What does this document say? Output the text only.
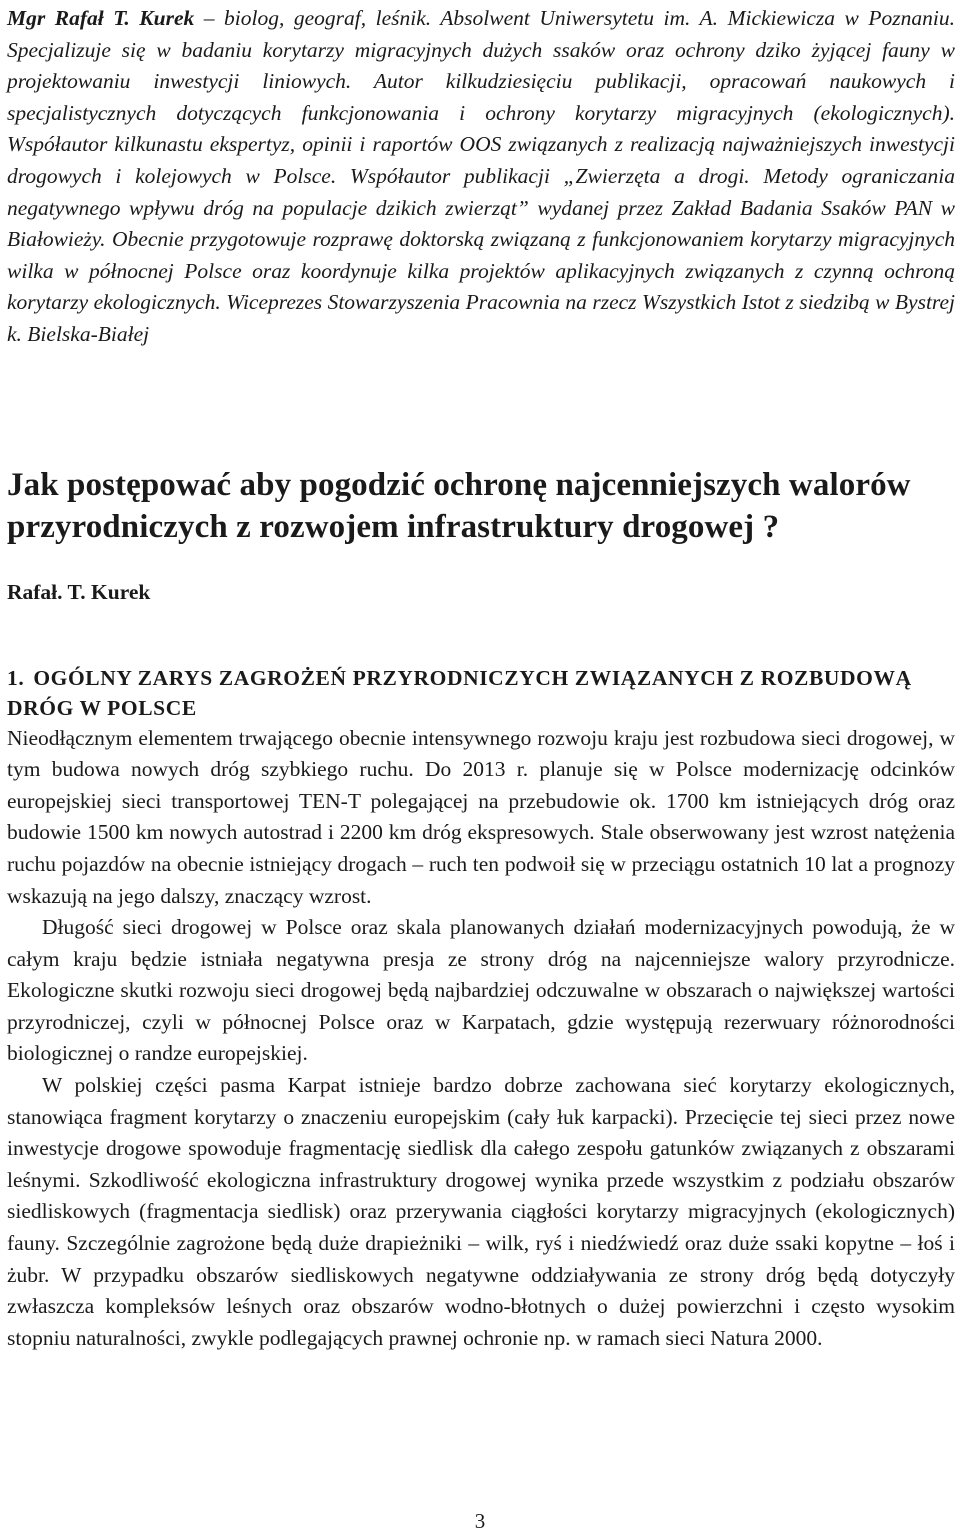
Mgr Rafał T. Kurek – biolog, geograf, leśnik. Absolwent Uniwersytetu im. A. Mickiewicza w Poznaniu. Specjalizuje się w badaniu korytarzy migracyjnych dużych ssaków oraz ochrony dziko żyjącej fauny w projektowaniu inwestycji liniowych. Autor kilkudziesięciu publikacji, opracowań naukowych i specjalistycznych dotyczących funkcjonowania i ochrony korytarzy migracyjnych (ekologicznych). Współautor kilkunastu ekspertyz, opinii i raportów OOS związanych z realizacją najważniejszych inwestycji drogowych i kolejowych w Polsce. Współautor publikacji „Zwierzęta a drogi. Metody ograniczania negatywnego wpływu dróg na populacje dzikich zwierząt” wydanej przez Zakład Badania Ssaków PAN w Białowieży. Obecnie przygotowuje rozprawę doktorską związaną z funkcjonowaniem korytarzy migracyjnych wilka w północnej Polsce oraz koordynuje kilka projektów aplikacyjnych związanych z czynną ochroną korytarzy ekologicznych. Wiceprezes Stowarzyszenia Pracownia na rzecz Wszystkich Istot z siedzibą w Bystrej k. Bielska-Białej

Jak postępować aby pogodzić ochronę najcenniejszych walorów przyrodniczych z rozwojem infrastruktury drogowej ?
Rafał. T. Kurek
1. OGÓLNY ZARYS ZAGROŻEŃ PRZYRODNICZYCH ZWIĄZANYCH Z ROZBUDOWĄ DRÓG W POLSCE

Nieodłącznym elementem trwającego obecnie intensywnego rozwoju kraju jest rozbudowa sieci drogowej, w tym budowa nowych dróg szybkiego ruchu. Do 2013 r. planuje się w Polsce modernizację odcinków europejskiej sieci transportowej TEN-T polegającej na przebudowie ok. 1700 km istniejących dróg oraz budowie 1500 km nowych autostrad i 2200 km dróg ekspresowych. Stale obserwowany jest wzrost natężenia ruchu pojazdów na obecnie istniejący drogach – ruch ten podwoił się w przeciągu ostatnich 10 lat a prognozy wskazują na jego dalszy, znaczący wzrost.

Długość sieci drogowej w Polsce oraz skala planowanych działań modernizacyjnych powodują, że w całym kraju będzie istniała negatywna presja ze strony dróg na najcenniejsze walory przyrodnicze. Ekologiczne skutki rozwoju sieci drogowej będą najbardziej odczuwalne w obszarach o największej wartości przyrodniczej, czyli w północnej Polsce oraz w Karpatach, gdzie występują rezerwuary różnorodności biologicznej o randze europejskiej.

W polskiej części pasma Karpat istnieje bardzo dobrze zachowana sieć korytarzy ekologicznych, stanowiąca fragment korytarzy o znaczeniu europejskim (cały łuk karpacki). Przecięcie tej sieci przez nowe inwestycje drogowe spowoduje fragmentację siedlisk dla całego zespołu gatunków związanych z obszarami leśnymi. Szkodliwość ekologiczna infrastruktury drogowej wynika przede wszystkim z podziału obszarów siedliskowych (fragmentacja siedlisk) oraz przerywania ciągłości korytarzy migracyjnych (ekologicznych) fauny. Szczególnie zagrożone będą duże drapieżniki – wilk, ryś i niedźwiedź oraz duże ssaki kopytne – łoś i żubr. W przypadku obszarów siedliskowych negatywne oddziaływania ze strony dróg będą dotyczyły zwłaszcza kompleksów leśnych oraz obszarów wodno-błotnych o dużej powierzchni i często wysokim stopniu naturalności, zwykle podlegających prawnej ochronie np. w ramach sieci Natura 2000.

3
